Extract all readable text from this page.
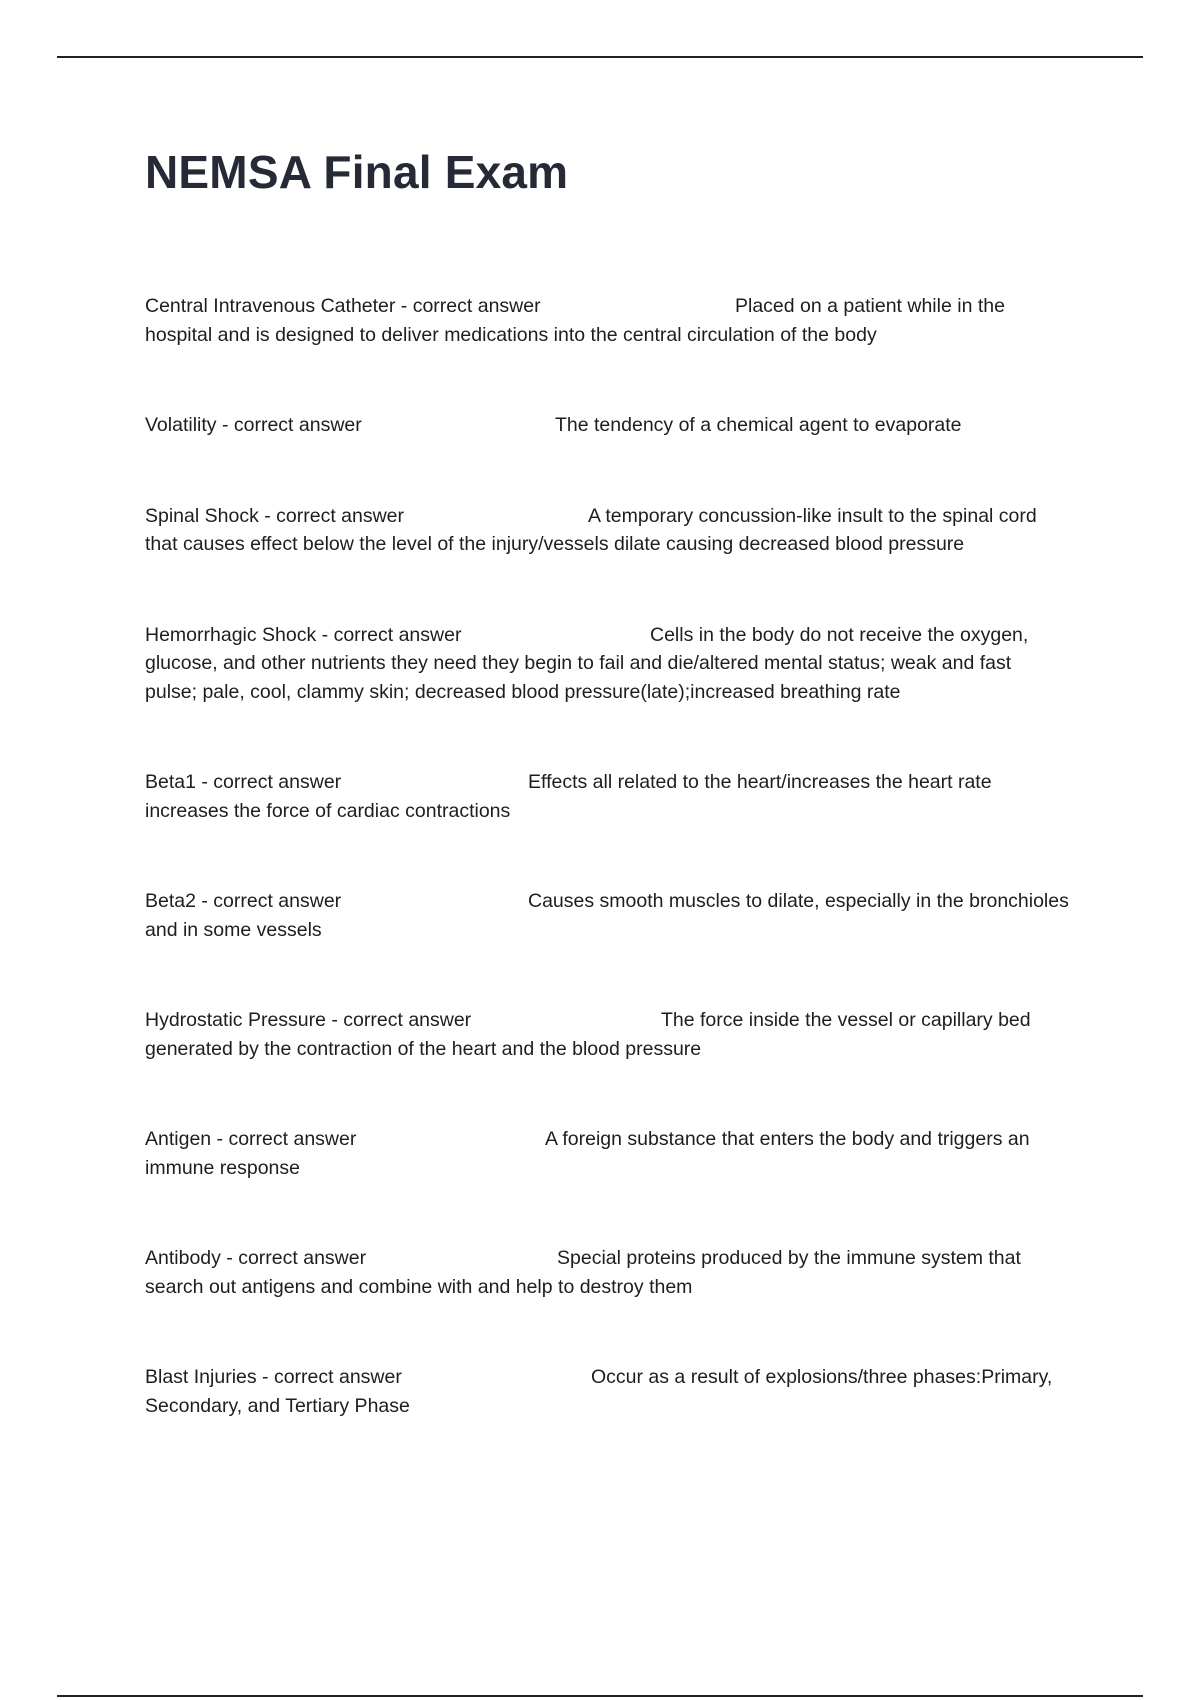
NEMSA Final Exam
Central Intravenous Catheter - correct answer	Placed on a patient while in the
hospital and is designed to deliver medications into the central circulation of the body
Volatility - correct answer	The tendency of a chemical agent to evaporate
Spinal Shock - correct answer	A temporary concussion-like insult to the spinal cord
that causes effect below the level of the injury/vessels dilate causing decreased blood pressure
Hemorrhagic Shock - correct answer	Cells in the body do not receive the oxygen,
glucose, and other nutrients they need they begin to fail and die/altered mental status; weak and fast
pulse; pale, cool, clammy skin; decreased blood pressure(late);increased breathing rate
Beta1 - correct answer	Effects all related to the heart/increases the heart rate
increases the force of cardiac contractions
Beta2 - correct answer	Causes smooth muscles to dilate, especially in the bronchioles
and in some vessels
Hydrostatic Pressure - correct answer	The force inside the vessel or capillary bed
generated by the contraction of the heart and the blood pressure
Antigen - correct answer	A foreign substance that enters the body and triggers an
immune response
Antibody - correct answer	Special proteins produced by the immune system that
search out antigens and combine with and help to destroy them
Blast Injuries - correct answer	Occur as a result of explosions/three phases:Primary,
Secondary, and Tertiary Phase
